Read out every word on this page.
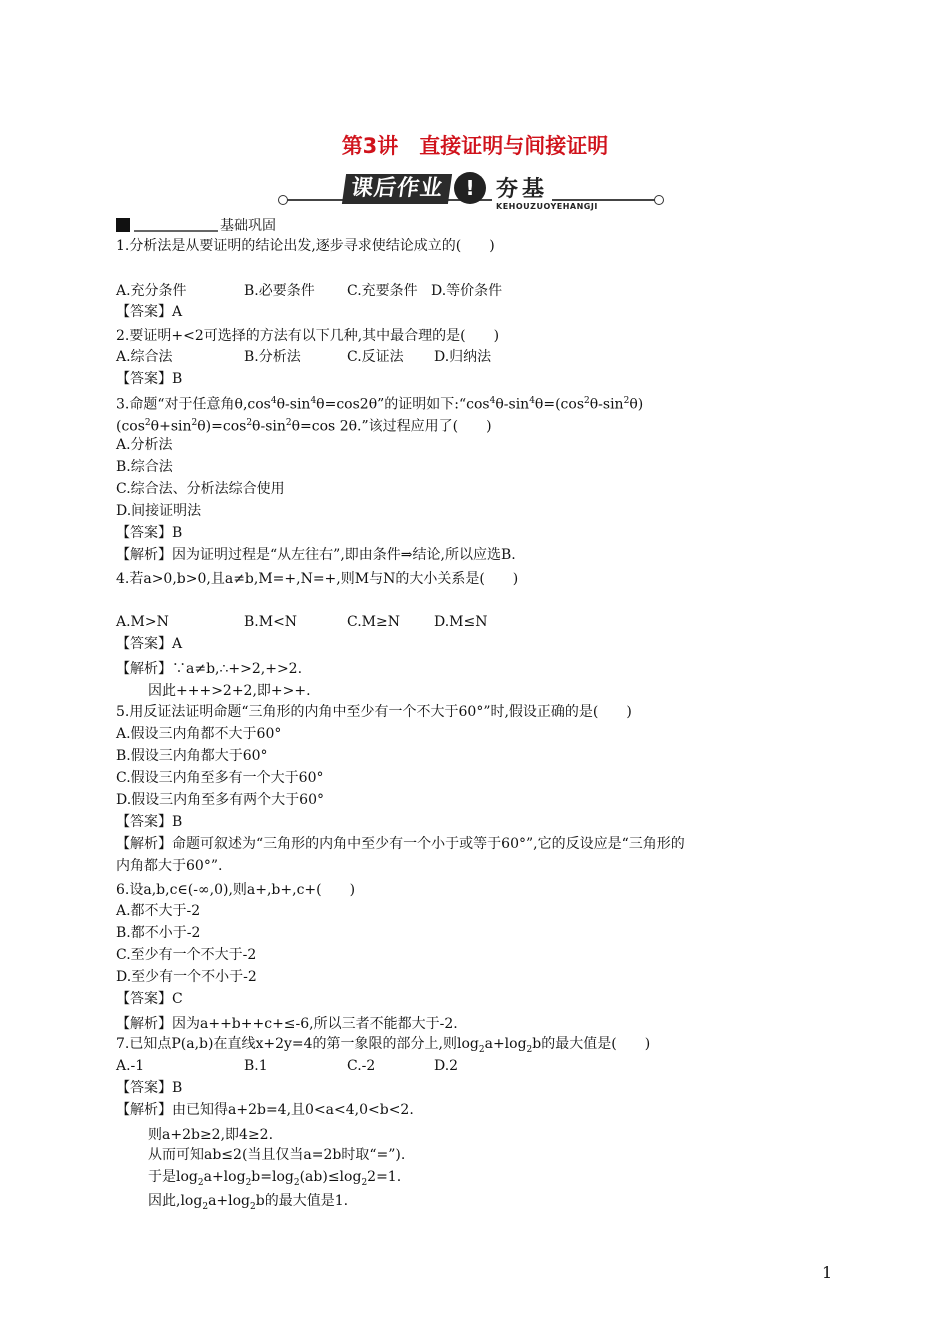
第3讲　直接证明与间接证明
课后作业	! 夯基
KEHOUZUOYEHANGJI
基础巩固
1.分析法是从要证明的结论出发,逐步寻求使结论成立的(　　)
A.充分条件	B.必要条件 C.充要条件 D.等价条件
【答案】A
2.要证明+<2可选择的方法有以下几种,其中最合理的是(　　)
A.综合法	B.分析法	C.反证法 D.归纳法
【答案】B
3.命题“对于任意角$\theta,\cos^4\theta-\sin^4\theta=\cos 2\theta$”的证明如下$:“\cos^4\theta-\sin^4\theta=(\cos^2\theta-\sin^2\theta)$
$(\cos^2\theta+\sin^2\theta)=\cos^2\theta-\sin^2\theta=\cos$ 2θ.”该过程应用了(　　)
A.分析法
B.综合法
C.综合法、分析法综合使用
D.间接证明法
【答案】B
【解析】因为证明过程是“从左往右”,即由条件⇒结论,所以应选B.
4.若a>0,b>0,且a≠b,M=+,N=+,则M与N的大小关系是(　　)
A.M>N	B.M<N	C.M≥N D.M≤N
【答案】A
【解析】∵a≠b,∴+>2,+>2.
因此+++>2+2,即+>+.
5.用反证法证明命题“三角形的内角中至少有一个不大于60°”时,假设正确的是(　　)
A.假设三内角都不大于60°
B.假设三内角都大于60°
C.假设三内角至多有一个大于60°
D.假设三内角至多有两个大于60°
【答案】B
【解析】命题可叙述为“三角形的内角中至少有一个小于或等于60°”,它的反设应是“三角形的
内角都大于60°”.
6.设a,b,c∈(-∞,0),则a+,b+,c+(　　)
A.都不大于-2
B.都不小于-2
C.至少有一个不大于-2
D.至少有一个不小于-2
【答案】C
【解析】因为a++b++c+≤-6,所以三者不能都大于-2.
7.已知点P(a,b)在直线x+2y=4的第一象限的部分上,则$\log_2a+\log_2b$的最大值是(　　)
A.-1	B.1	C.-2	D.2
【答案】B
【解析】由已知得a+2b=4,且0<a<4,0<b<2.
则a+2b≥2,即4≥2.
从而可知ab≤2(当且仅当a=2b时取“=”).
于是$\log_2a+\log_2b=\log_2(ab)\le\log_22=1$.
因此$,\log_2a+\log_2b$的最大值是1.
1
